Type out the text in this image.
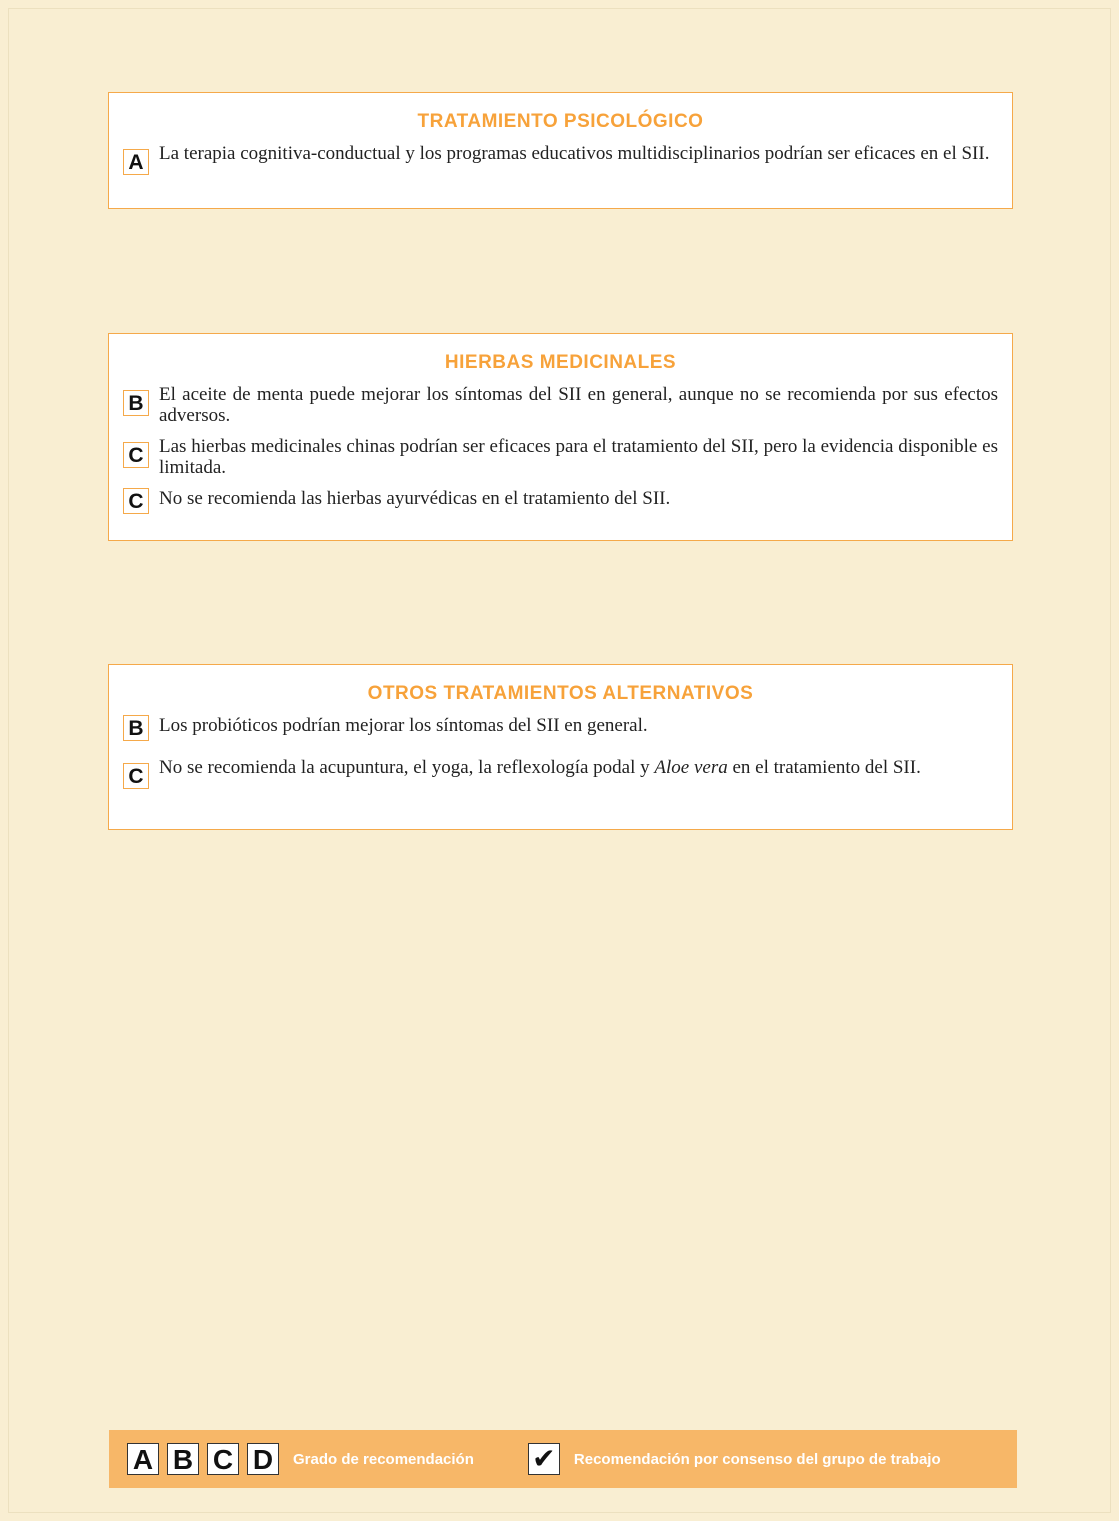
TRATAMIENTO PSICOLÓGICO
A La terapia cognitiva-conductual y los programas educativos multidisciplinarios podrían ser eficaces en el SII.
HIERBAS MEDICINALES
B El aceite de menta puede mejorar los síntomas del SII en general, aunque no se recomienda por sus efectos adversos.
C Las hierbas medicinales chinas podrían ser eficaces para el tratamiento del SII, pero la evidencia disponible es limitada.
C No se recomienda las hierbas ayurvédicas en el tratamiento del SII.
OTROS TRATAMIENTOS ALTERNATIVOS
B Los probióticos podrían mejorar los síntomas del SII en general.
C No se recomienda la acupuntura, el yoga, la reflexología podal y Aloe vera en el tratamiento del SII.
A B C D	Grado de recomendación ✔ Recomendación por consenso del grupo de trabajo
